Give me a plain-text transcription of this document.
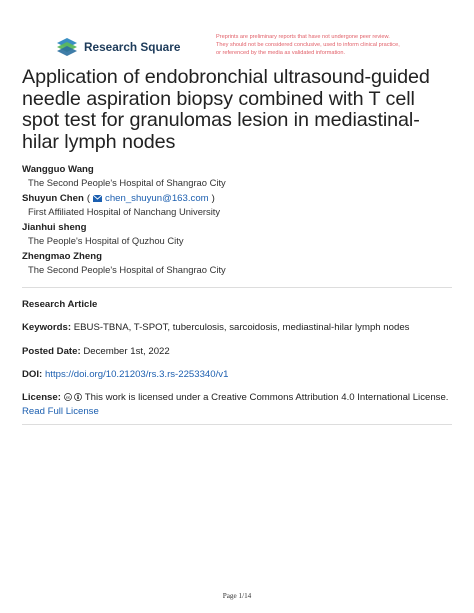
Research Square
Preprints are preliminary reports that have not undergone peer review.
They should not be considered conclusive, used to inform clinical practice,
or referenced by the media as validated information.
Application of endobronchial ultrasound-guided needle aspiration biopsy combined with T cell spot test for granulomas lesion in mediastinal-hilar lymph nodes
Wangguo Wang
The Second People's Hospital of Shangrao City
Shuyun Chen ( chen_shuyun@163.com )
First Affiliated Hospital of Nanchang University
Jianhui sheng
The People's Hospital of Quzhou City
Zhengmao Zheng
The Second People's Hospital of Shangrao City
Research Article
Keywords: EBUS-TBNA, T-SPOT, tuberculosis, sarcoidosis, mediastinal-hilar lymph nodes
Posted Date: December 1st, 2022
DOI: https://doi.org/10.21203/rs.3.rs-2253340/v1
License: cc This work is licensed under a Creative Commons Attribution 4.0 International License.
Read Full License
Page 1/14
